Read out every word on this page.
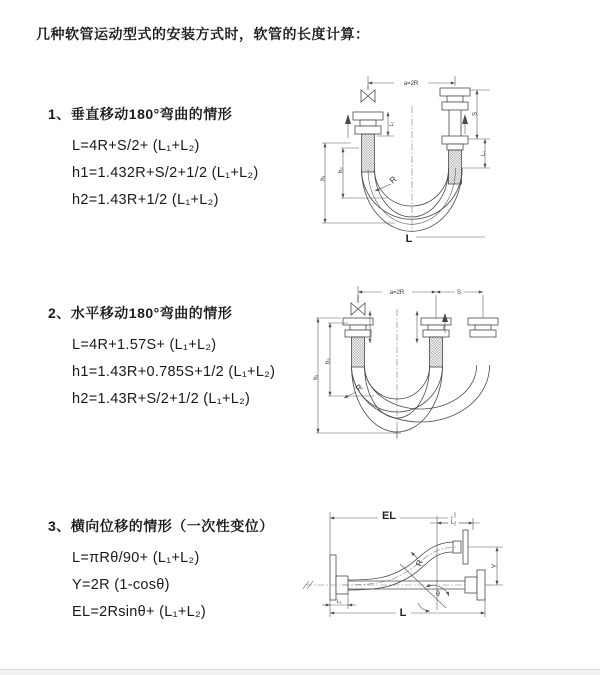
几种软管运动型式的安装方式时，软管的长度计算：
1、垂直移动180°弯曲的情形
L=4R+S/2+ (L₁+L₂)
h1=1.432R+S/2+1/2 (L₁+L₂)
h2=1.43R+1/2 (L₁+L₂)
2、水平移动180°弯曲的情形
L=4R+1.57S+ (L₁+L₂)
h1=1.43R+0.785S+1/2 (L₁+L₂)
h2=1.43R+S/2+1/2 (L₁+L₂)
3、横向位移的情形（一次性变位）
L=πRθ/90+ (L₁+L₂)
Y=2R (1-cosθ)
EL=2Rsinθ+ (L₁+L₂)
a=2R
L₁
S
L₁
h₁
h₂
R
L
a=2R	S
h₁
h₂
R
EL
L₂
R
θ
Y
L₁
L
